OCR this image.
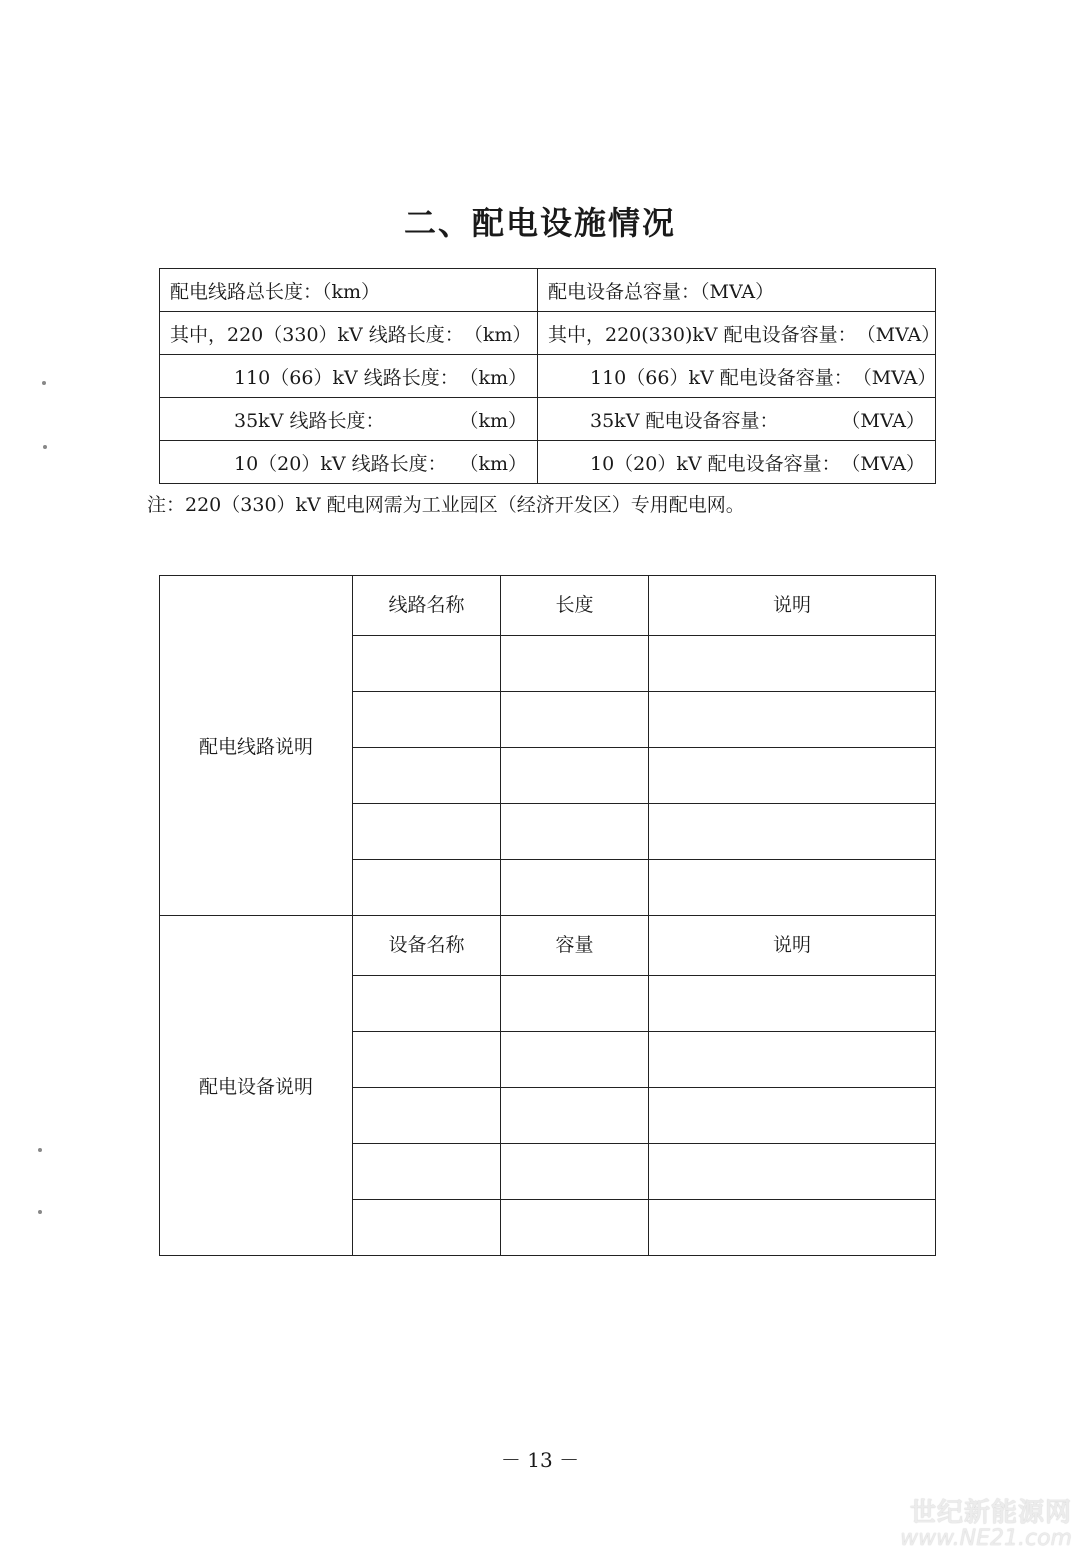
二、配电设施情况
配电线路总长度：（km）	配电设备总容量：（MVA）

其中，220（330）kV 线路长度： （km）	其中，220(330)kV 配电设备容量： （MVA）

110（66）kV 线路长度： （km）	110（66）kV 配电设备容量： （MVA）

35kV 线路长度： （km）	35kV 配电设备容量： （MVA）

10（20）kV 线路长度： （km）	10（20）kV 配电设备容量： （MVA）
注：220（330）kV 配电网需为工业园区（经济开发区）专用配电网。
配电线路说明	线路名称	长度	说明

配电设备说明	设备名称	容量	说明

－ 13 －
世纪新能源网
www.NE21.com
